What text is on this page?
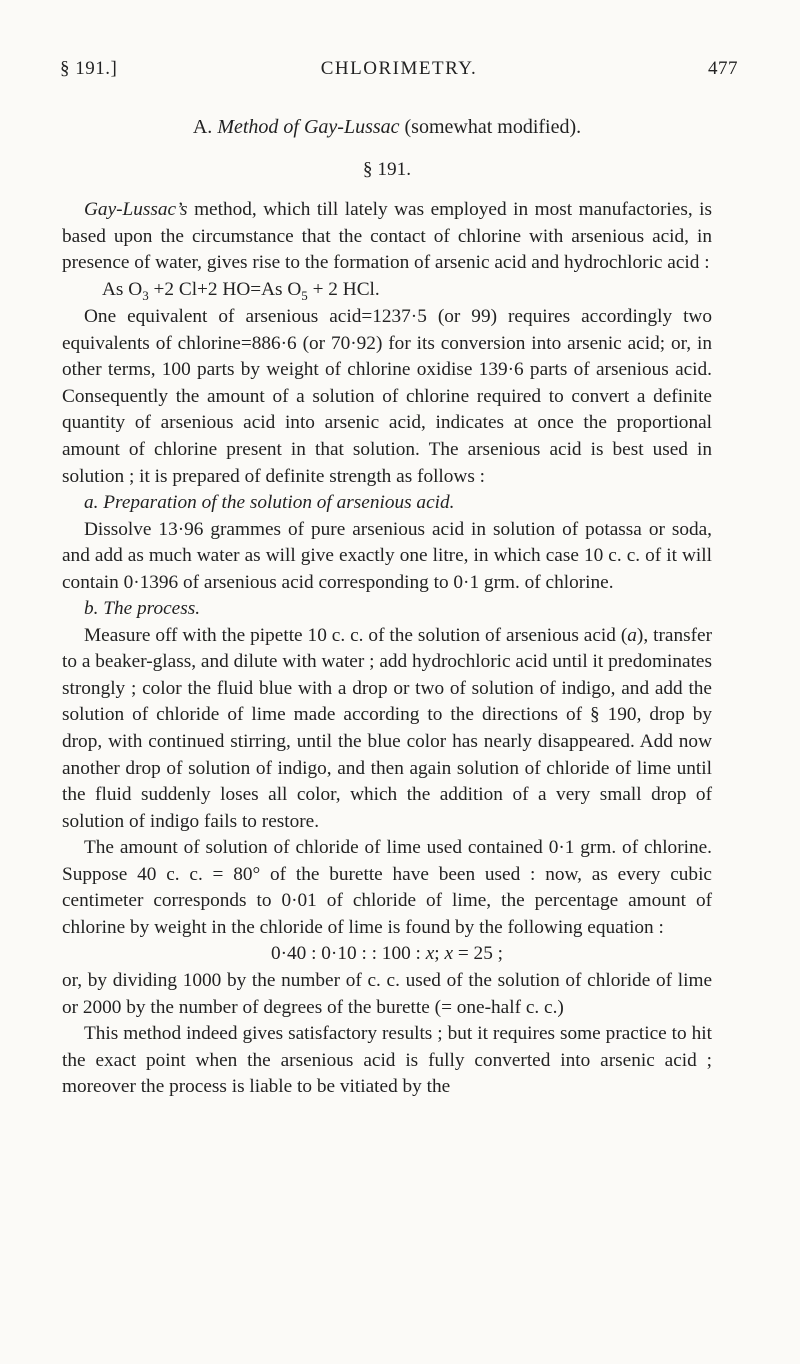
§ 191.]	CHLORIMETRY.	477

A. Method of Gay-Lussac (somewhat modified).

§ 191.

Gay-Lussac’s method, which till lately was employed in most manufactories, is based upon the circumstance that the contact of chlorine with arsenious acid, in presence of water, gives rise to the formation of arsenic acid and hydrochloric acid :

As $O_3 +2$ Cl+2 HO=As $O_5 + 2$ HCl.

One equivalent of arsenious acid=1237·5 (or 99) requires accordingly two equivalents of chlorine=886·6 (or 70·92) for its conversion into arsenic acid; or, in other terms, 100 parts by weight of chlorine oxidise 139·6 parts of arsenious acid. Consequently the amount of a solution of chlorine required to convert a definite quantity of arsenious acid into arsenic acid, indicates at once the proportional amount of chlorine present in that solution. The arsenious acid is best used in solution ; it is prepared of definite strength as follows :

a. Preparation of the solution of arsenious acid.

Dissolve 13·96 grammes of pure arsenious acid in solution of potassa or soda, and add as much water as will give exactly one litre, in which case 10 c. c. of it will contain 0·1396 of arsenious acid corresponding to 0·1 grm. of chlorine.

b. The process.

Measure off with the pipette 10 c. c. of the solution of arsenious acid (a), transfer to a beaker-glass, and dilute with water ; add hydrochloric acid until it predominates strongly ; color the fluid blue with a drop or two of solution of indigo, and add the solution of chloride of lime made according to the directions of § 190, drop by drop, with continued stirring, until the blue color has nearly disappeared. Add now another drop of solution of indigo, and then again solution of chloride of lime until the fluid suddenly loses all color, which the addition of a very small drop of solution of indigo fails to restore.

The amount of solution of chloride of lime used contained 0·1 grm. of chlorine. Suppose 40 c. c. = 80° of the burette have been used : now, as every cubic centimeter corresponds to 0·01 of chloride of lime, the percentage amount of chlorine by weight in the chloride of lime is found by the following equation :

0·40 : 0·10 : : 100 : x; x = 25 ;

or, by dividing 1000 by the number of c. c. used of the solution of chloride of lime or 2000 by the number of degrees of the burette (= one-half c. c.)

This method indeed gives satisfactory results ; but it requires some practice to hit the exact point when the arsenious acid is fully converted into arsenic acid ; moreover the process is liable to be vitiated by the
